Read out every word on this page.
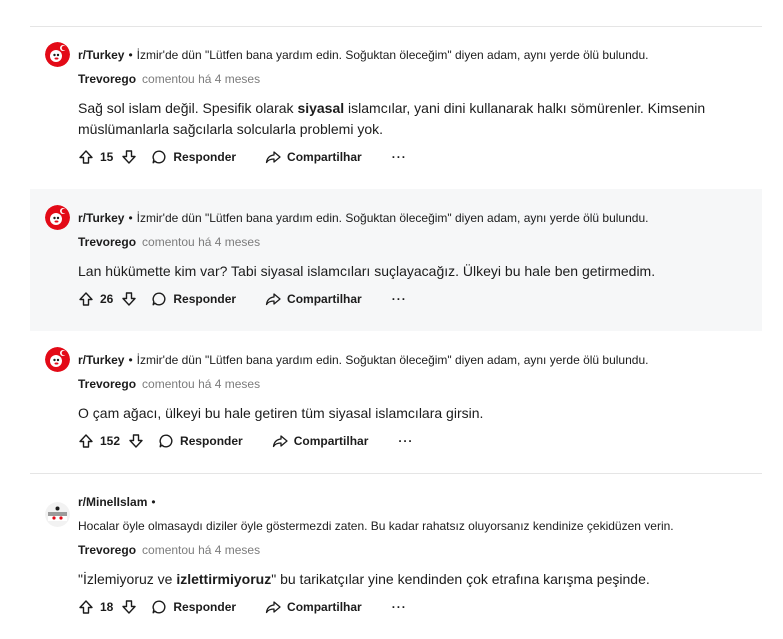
r/Turkey • İzmir'de dün "Lütfen bana yardım edin. Soğuktan öleceğim" diyen adam, aynı yerde ölü bulundu.
Trevorego comentou há 4 meses
Sağ sol islam değil. Spesifik olarak siyasal islamcılar, yani dini kullanarak halkı sömürenler. Kimsenin müslümanlarla sağcılarla solcularla problemi yok.
15	Responder	Compartilhar	···
r/Turkey • İzmir'de dün "Lütfen bana yardım edin. Soğuktan öleceğim" diyen adam, aynı yerde ölü bulundu.
Trevorego comentou há 4 meses
Lan hükümette kim var? Tabi siyasal islamcıları suçlayacağız. Ülkeyi bu hale ben getirmedim.
26	Responder	Compartilhar	···
r/Turkey • İzmir'de dün "Lütfen bana yardım edin. Soğuktan öleceğim" diyen adam, aynı yerde ölü bulundu.
Trevorego comentou há 4 meses
O çam ağacı, ülkeyi bu hale getiren tüm siyasal islamcılara girsin.
152	Responder	Compartilhar	···
r/MinelIslam •
Hocalar öyle olmasaydı diziler öyle göstermezdi zaten. Bu kadar rahatsız oluyorsanız kendinize çekidüzen verin.
Trevorego comentou há 4 meses
"İzlemiyoruz ve izlettirmiyoruz" bu tarikatçılar yine kendinden çok etrafına karışma peşinde.
18	Responder	Compartilhar	···
